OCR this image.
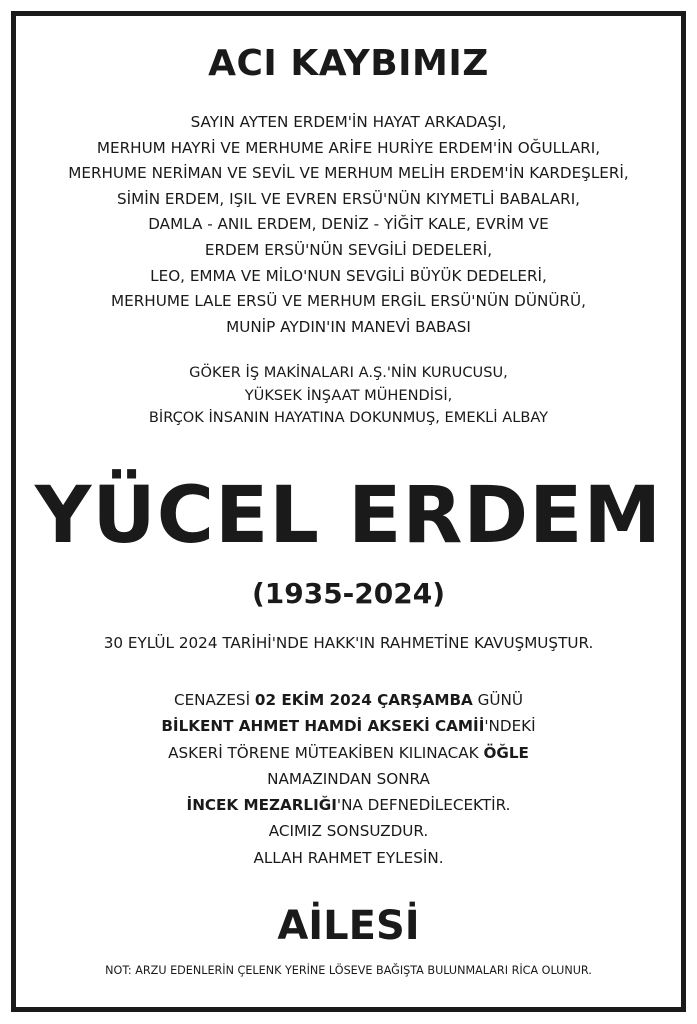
ACI KAYBIMIZ
SAYIN AYTEN ERDEM'İN HAYAT ARKADAŞI,
MERHUM HAYRİ VE MERHUME ARİFE HURİYE ERDEM'İN OĞULLARI,
MERHUME NERİMAN VE SEVİL VE MERHUM MELİH ERDEM'İN KARDEŞLERİ,
SİMİN ERDEM, IŞIL VE EVREN ERSÜ'NÜN KIYMETLİ BABALARI,
DAMLA - ANIL ERDEM, DENİZ - YİĞİT KALE, EVRİM VE
ERDEM ERSÜ'NÜN SEVGİLİ DEDELERİ,
LEO, EMMA VE MİLO'NUN SEVGİLİ BÜYÜK DEDELERİ,
MERHUME LALE ERSÜ VE MERHUM ERGİL ERSÜ'NÜN DÜNÜRÜ,
MUNİP AYDIN'IN MANEVİ BABASI
GÖKER İŞ MAKİNALARI A.Ş.'NİN KURUCUSU,
YÜKSEK İNŞAAT MÜHENDİSİ,
BİRÇOK İNSANIN HAYATINA DOKUNMUŞ, EMEKLİ ALBAY
YÜCEL ERDEM
(1935-2024)
30 EYLÜL 2024 TARİHİ'NDE HAKK'IN RAHMETİNE KAVUŞMUŞTUR.
CENAZESİ 02 EKİM 2024 ÇARŞAMBA GÜNÜ
BİLKENT AHMET HAMDİ AKSEKİ CAMİİ'NDEKİ
ASKERİ TÖRENE MÜTEAKİBEN KILINACAK ÖĞLE
NAMAZINDAN SONRA
İNCEK MEZARLIĞI'NA DEFNEDİLECEKTİR.
ACIMIZ SONSUZDUR.
ALLAH RAHMET EYLESİN.
AİLESİ
NOT: ARZU EDENLERİN ÇELENK YERİNE LÖSEVE BAĞIŞTA BULUNMALARI RİCA OLUNUR.
